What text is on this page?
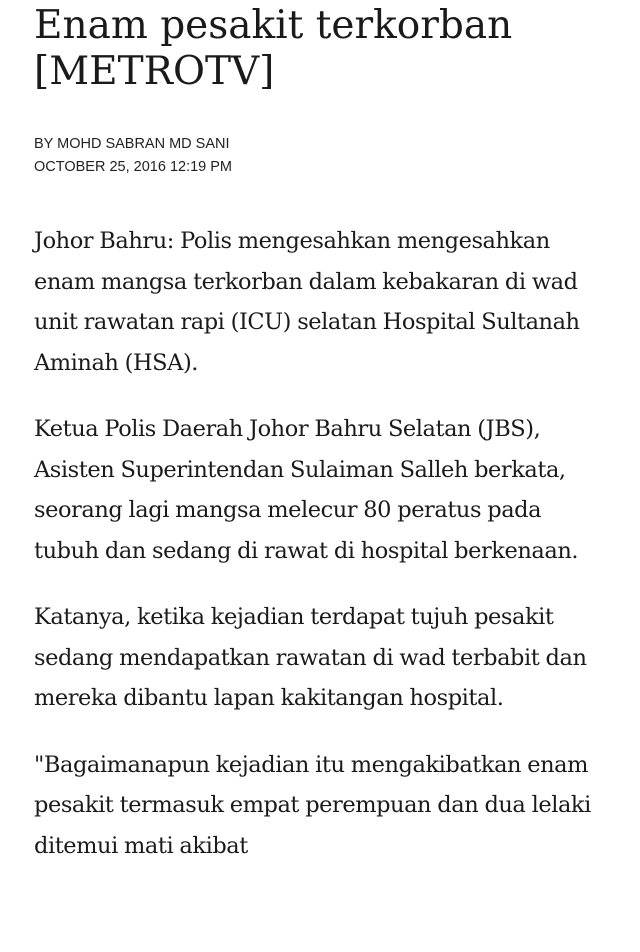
Enam pesakit terkorban
[METROTV]
BY MOHD SABRAN MD SANI
OCTOBER 25, 2016 12:19 PM

Johor Bahru: Polis mengesahkan mengesahkan enam mangsa terkorban dalam kebakaran di wad unit rawatan rapi (ICU) selatan Hospital Sultanah Aminah (HSA).

Ketua Polis Daerah Johor Bahru Selatan (JBS), Asisten Superintendan Sulaiman Salleh berkata, seorang lagi mangsa melecur 80 peratus pada tubuh dan sedang di rawat di hospital berkenaan.

Katanya, ketika kejadian terdapat tujuh pesakit sedang mendapatkan rawatan di wad terbabit dan mereka dibantu lapan kakitangan hospital.

"Bagaimanapun kejadian itu mengakibatkan enam pesakit termasuk empat perempuan dan dua lelaki ditemui mati akibat
